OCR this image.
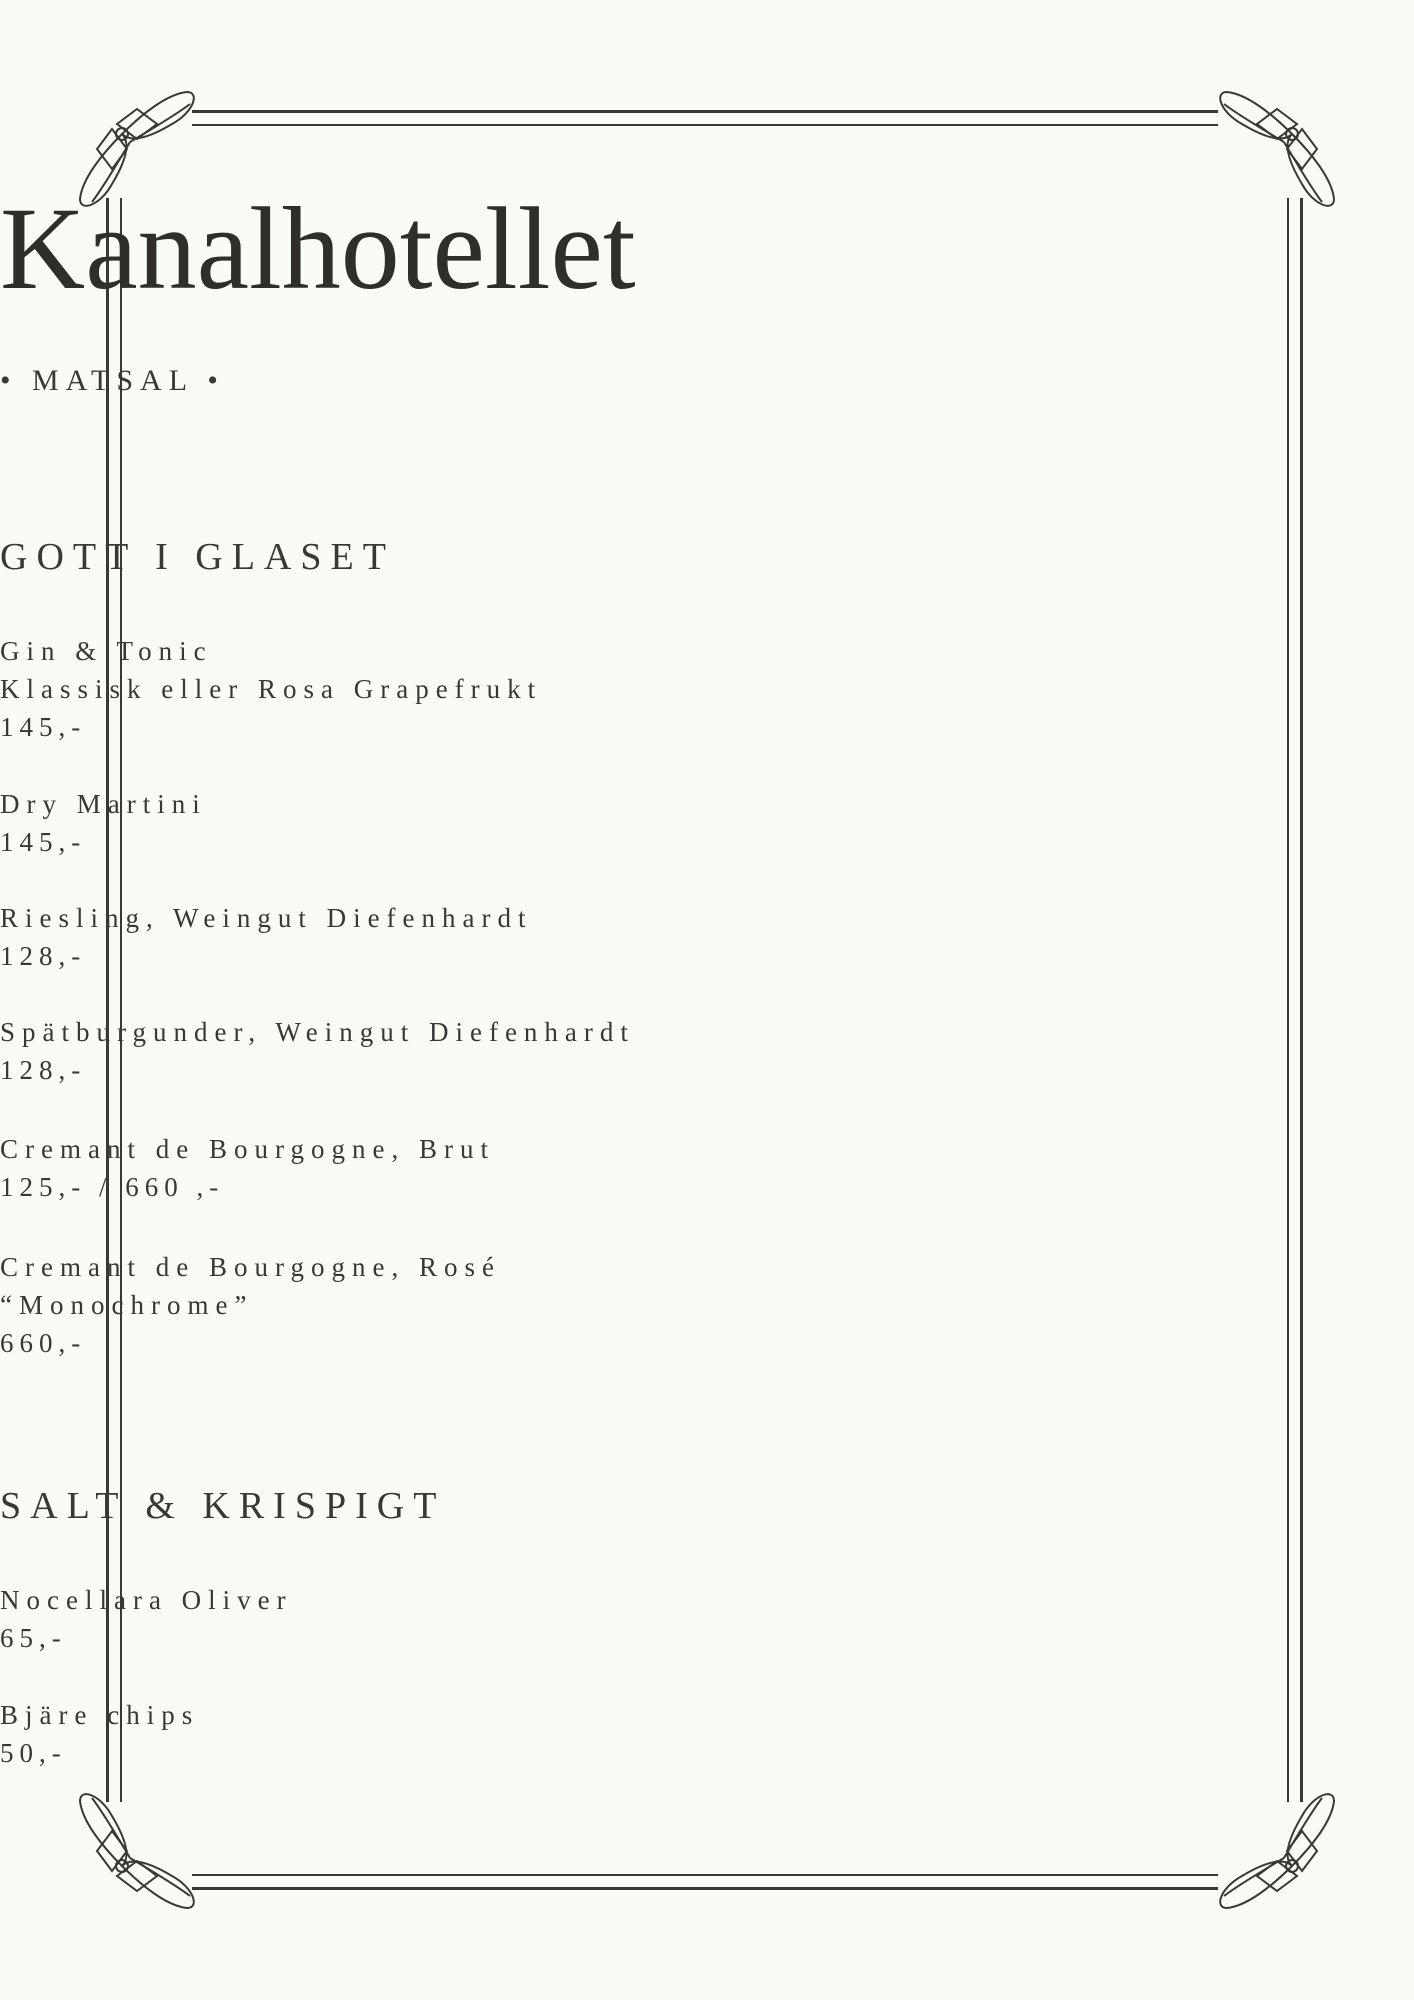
Kanalhotellet
• MATSAL •
GOTT I GLASET
Gin & Tonic
Klassisk eller Rosa Grapefrukt
145,-
Dry Martini
145,-
Riesling, Weingut Diefenhardt
128,-
Spätburgunder, Weingut Diefenhardt
128,-
Cremant de Bourgogne, Brut
125,- / 660 ,-
Cremant de Bourgogne, Rosé
“Monochrome”
660,-
SALT & KRISPIGT
Nocellara Oliver
65,-
Bjäre chips
50,-
